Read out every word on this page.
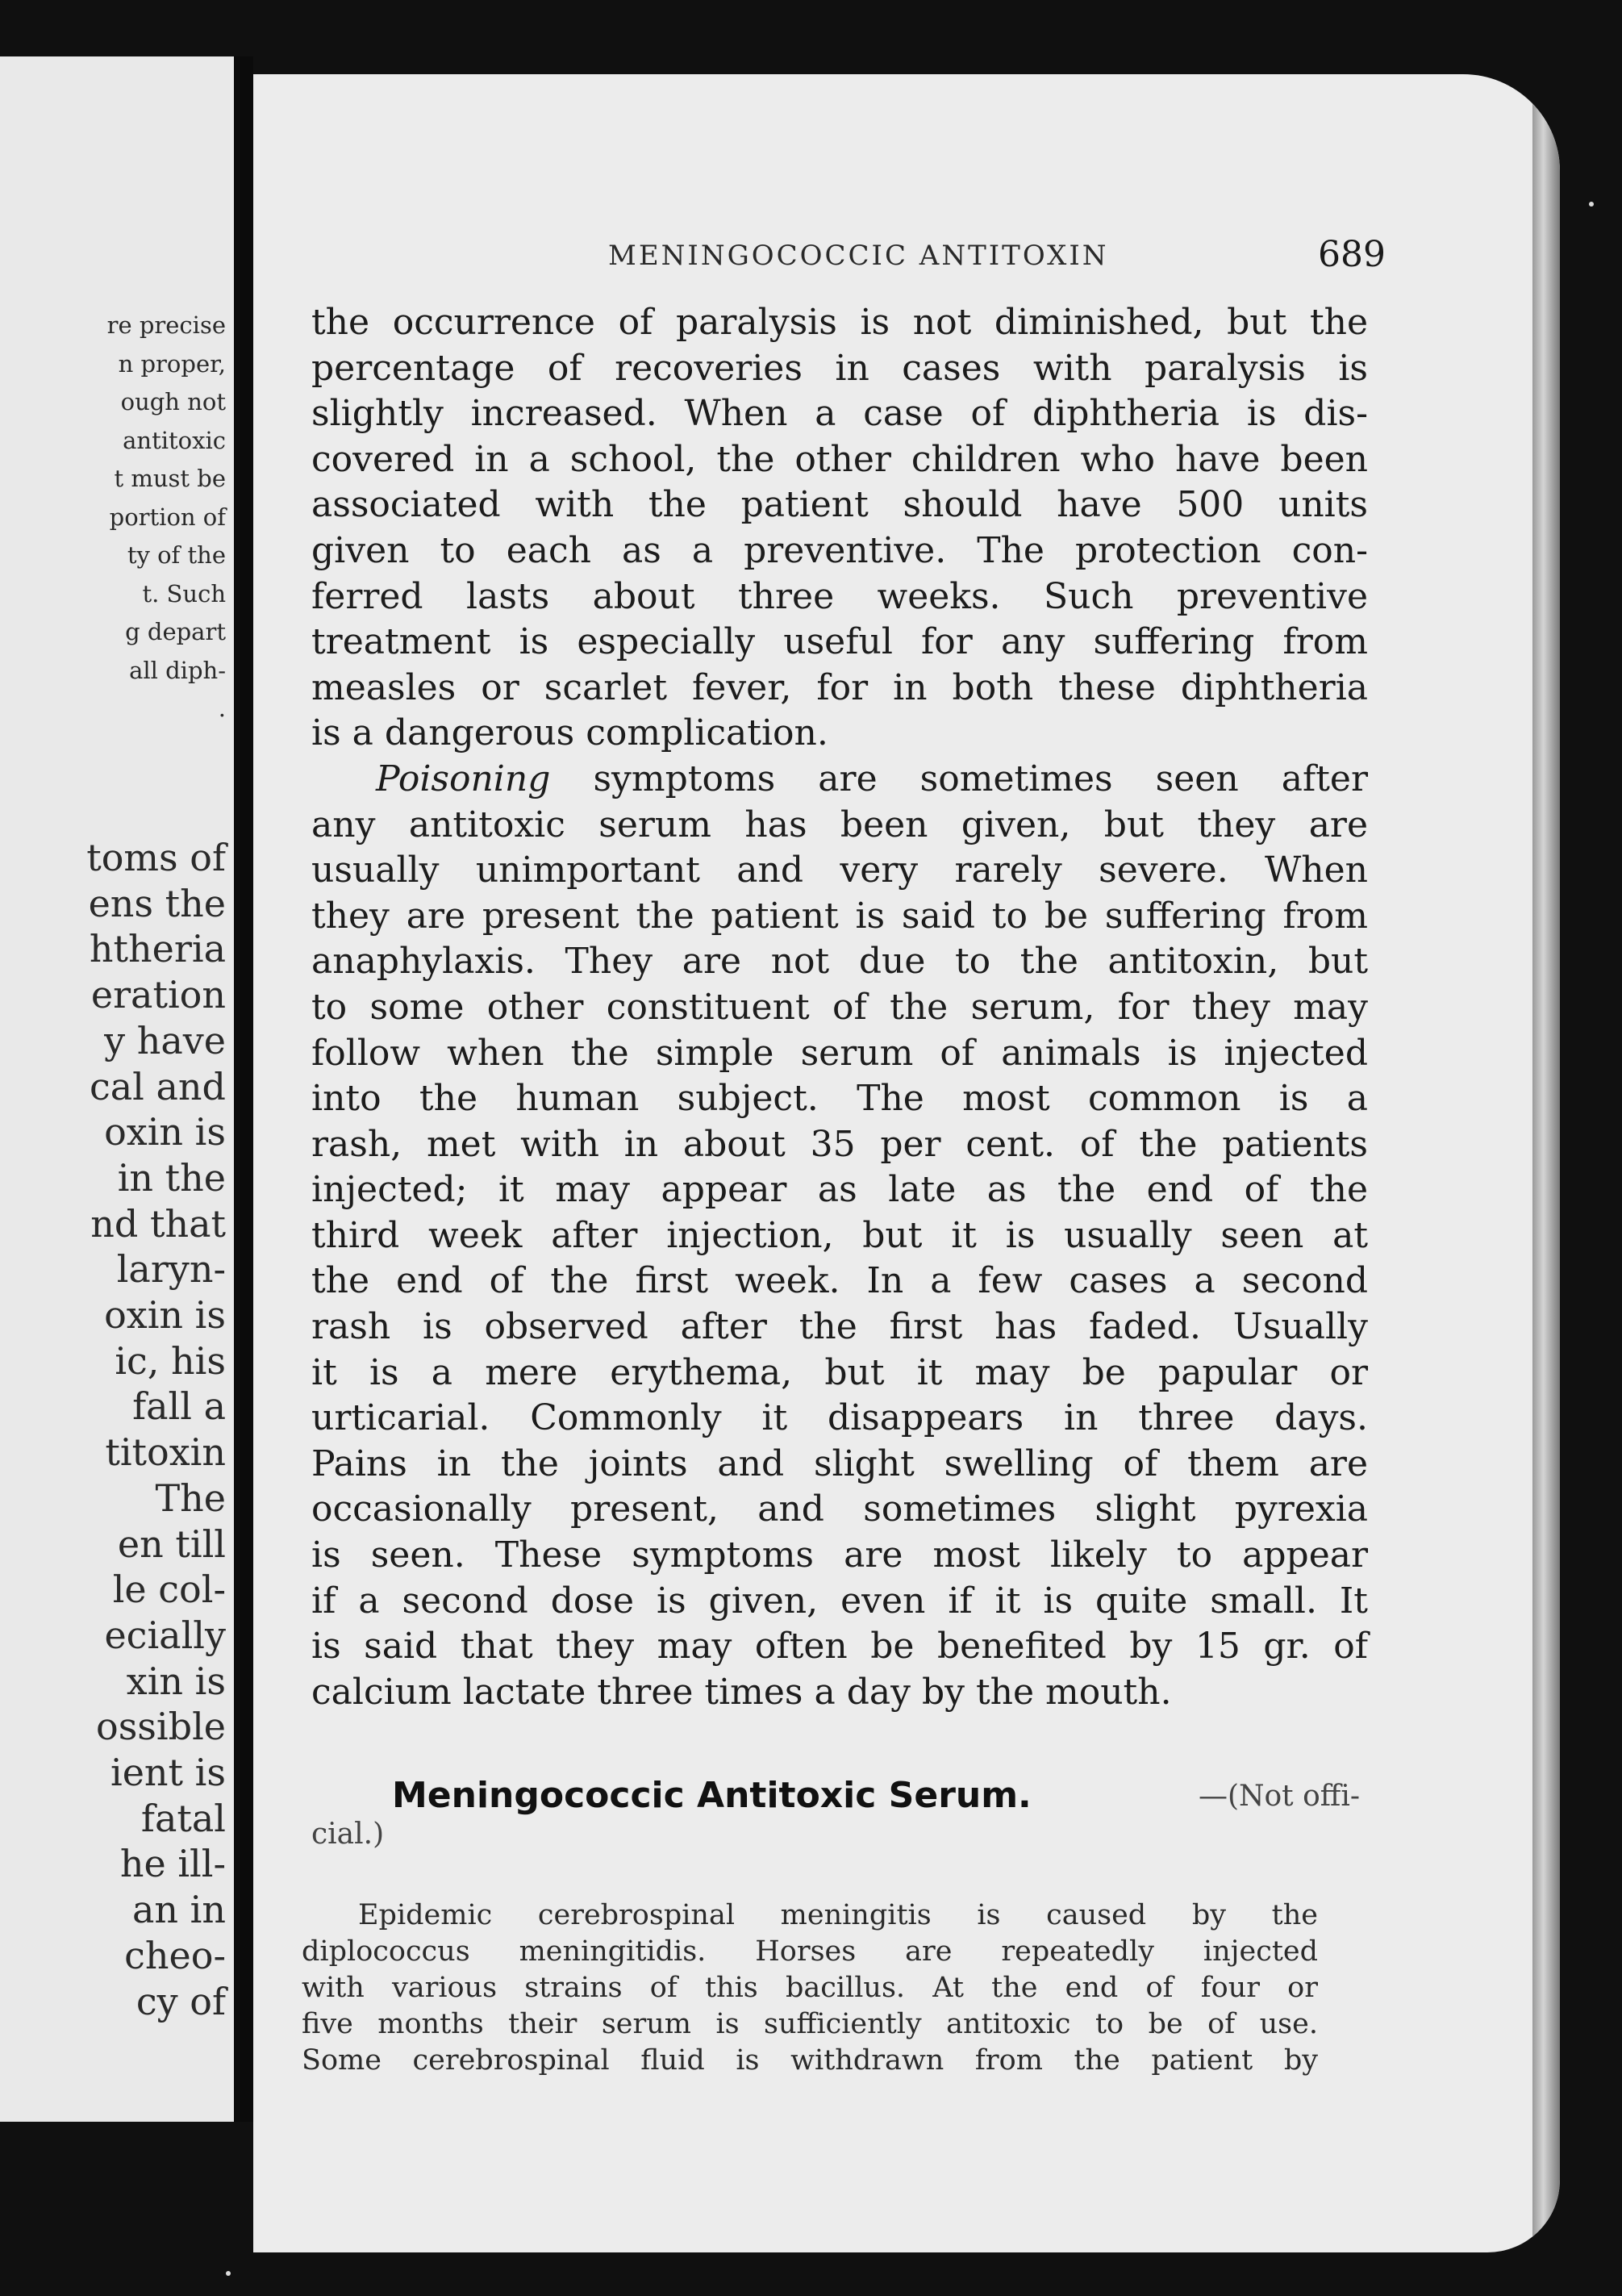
re precise
n proper,
ough not
antitoxic
t must be
portion of
ty of the
t. Such
g depart
all diph-
.
toms of
ens the
htheria
eration
y have
cal and
oxin is
in the
nd that
laryn-
oxin is
ic, his
fall a
titoxin
The
en till
le col-
ecially
xin is
ossible
ient is
fatal
he ill-
an in
cheo-
cy of
MENINGOCOCCIC ANTITOXIN	689
the occurrence of paralysis is not diminished, but the
percentage of recoveries in cases with paralysis is
slightly increased. When a case of diphtheria is dis-
covered in a school, the other children who have been
associated with the patient should have 500 units
given to each as a preventive. The protection con-
ferred lasts about three weeks. Such preventive
treatment is especially useful for any suffering from
measles or scarlet fever, for in both these diphtheria
is a dangerous complication.
Poisoning symptoms are sometimes seen after
any antitoxic serum has been given, but they are
usually unimportant and very rarely severe. When
they are present the patient is said to be suffering from
anaphylaxis. They are not due to the antitoxin, but
to some other constituent of the serum, for they may
follow when the simple serum of animals is injected
into the human subject. The most common is a
rash, met with in about 35 per cent. of the patients
injected; it may appear as late as the end of the
third week after injection, but it is usually seen at
the end of the first week. In a few cases a second
rash is observed after the first has faded. Usually
it is a mere erythema, but it may be papular or
urticarial. Commonly it disappears in three days.
Pains in the joints and slight swelling of them are
occasionally present, and sometimes slight pyrexia
is seen. These symptoms are most likely to appear
if a second dose is given, even if it is quite small. It
is said that they may often be benefited by 15 gr. of
calcium lactate three times a day by the mouth.
Meningococcic Antitoxic Serum.	—(Not offi-
cial.)
Epidemic cerebrospinal meningitis is caused by the
diplococcus meningitidis. Horses are repeatedly injected
with various strains of this bacillus. At the end of four or
five months their serum is sufficiently antitoxic to be of use.
Some cerebrospinal fluid is withdrawn from the patient by
